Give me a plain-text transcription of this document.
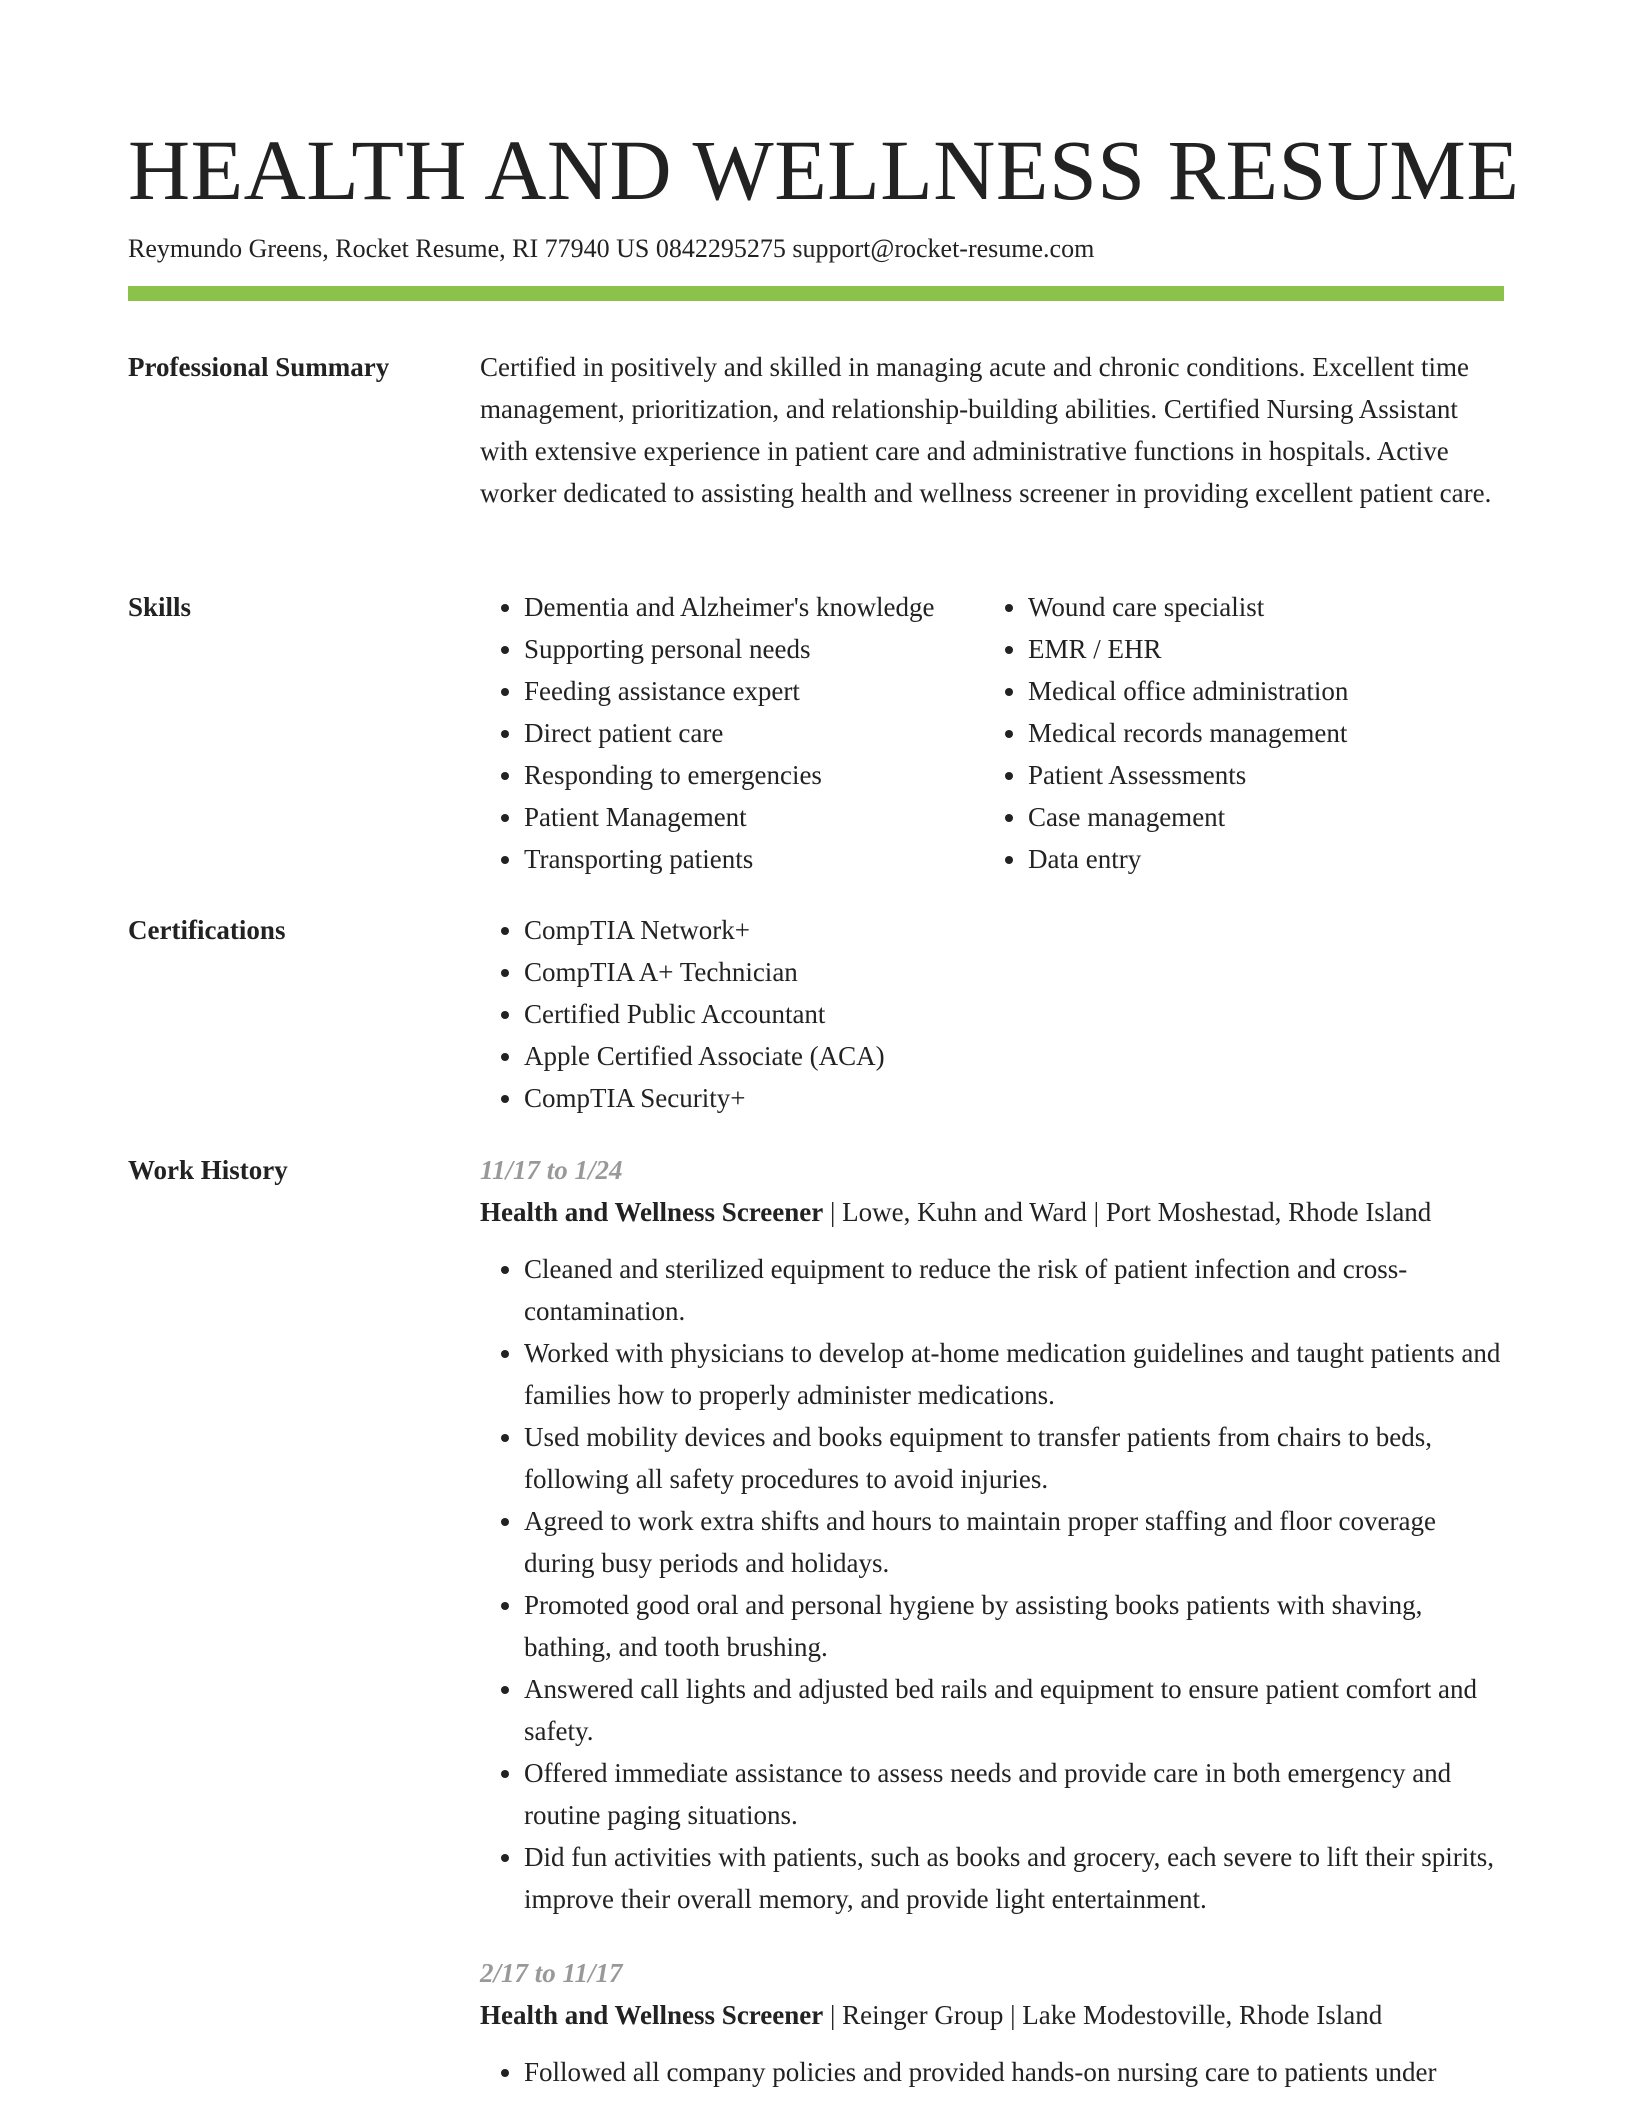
HEALTH AND WELLNESS RESUME
Reymundo Greens, Rocket Resume, RI 77940 US 0842295275 support@rocket-resume.com
Professional Summary	Certified in positively and skilled in managing acute and chronic conditions. Excellent time management, prioritization, and relationship-building abilities. Certified Nursing Assistant with extensive experience in patient care and administrative functions in hospitals. Active worker dedicated to assisting health and wellness screener in providing excellent patient care.

Skills	• Dementia and Alzheimer's knowledge
• Supporting personal needs
• Feeding assistance expert
• Direct patient care
• Responding to emergencies
• Patient Management
• Transporting patients
• Wound care specialist
• EMR / EHR
• Medical office administration
• Medical records management
• Patient Assessments
• Case management
• Data entry
Certifications	• CompTIA Network+
• CompTIA A+ Technician
• Certified Public Accountant
• Apple Certified Associate (ACA)
• CompTIA Security+
Work History	11/17 to 1/24
Health and Wellness Screener | Lowe, Kuhn and Ward | Port Moshestad, Rhode Island
• Cleaned and sterilized equipment to reduce the risk of patient infection and cross-contamination.
• Worked with physicians to develop at-home medication guidelines and taught patients and families how to properly administer medications.
• Used mobility devices and books equipment to transfer patients from chairs to beds, following all safety procedures to avoid injuries.
• Agreed to work extra shifts and hours to maintain proper staffing and floor coverage during busy periods and holidays.
• Promoted good oral and personal hygiene by assisting books patients with shaving, bathing, and tooth brushing.
• Answered call lights and adjusted bed rails and equipment to ensure patient comfort and safety.
• Offered immediate assistance to assess needs and provide care in both emergency and routine paging situations.
• Did fun activities with patients, such as books and grocery, each severe to lift their spirits, improve their overall memory, and provide light entertainment.
2/17 to 11/17
Health and Wellness Screener | Reinger Group | Lake Modestoville, Rhode Island
• Followed all company policies and provided hands-on nursing care to patients under
